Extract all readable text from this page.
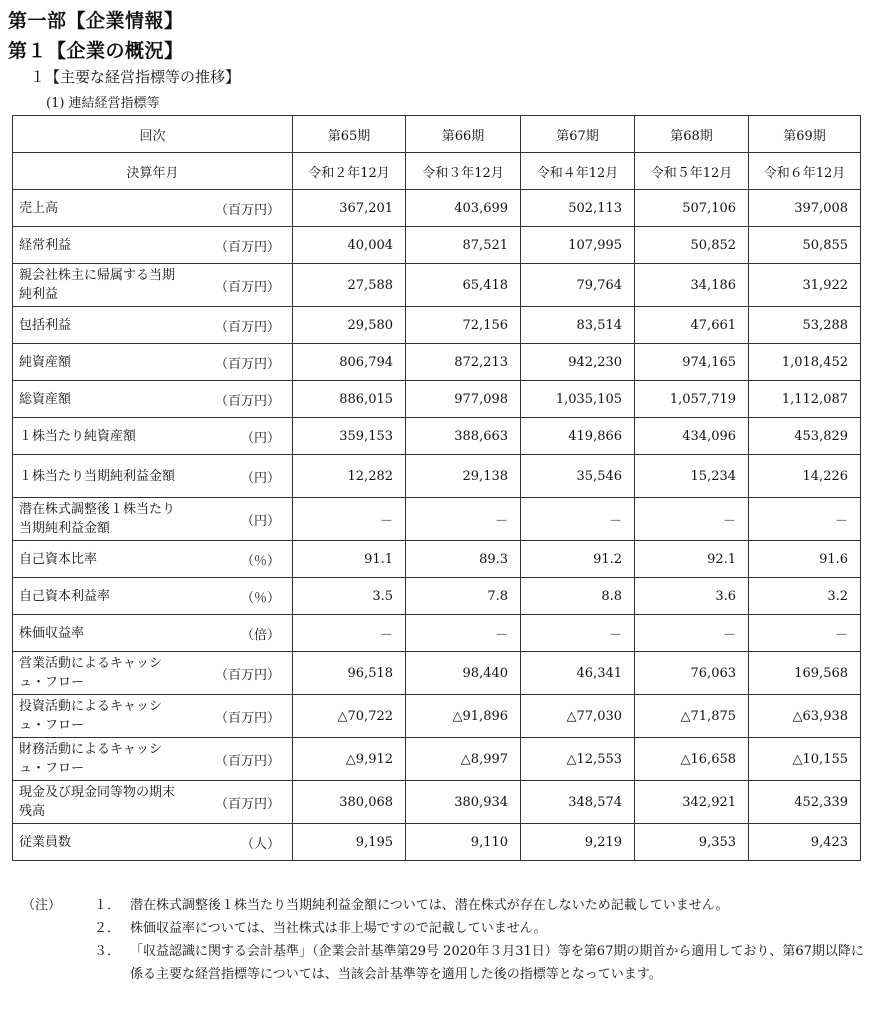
第一部【企業情報】
第１【企業の概況】
１【主要な経営指標等の推移】
(1) 連結経営指標等
回次		第65期	第66期	第67期	第68期	第69期
決算年月		令和２年12月	令和３年12月	令和４年12月	令和５年12月	令和６年12月
売上高	（百万円）	367,201	403,699	502,113	507,106	397,008
経常利益	（百万円）	40,004	87,521	107,995	50,852	50,855
親会社株主に帰属する当期純利益	（百万円）	27,588	65,418	79,764	34,186	31,922
包括利益	（百万円）	29,580	72,156	83,514	47,661	53,288
純資産額	（百万円）	806,794	872,213	942,230	974,165	1,018,452
総資産額	（百万円）	886,015	977,098	1,035,105	1,057,719	1,112,087
１株当たり純資産額	（円）	359,153	388,663	419,866	434,096	453,829
１株当たり当期純利益金額	（円）	12,282	29,138	35,546	15,234	14,226
潜在株式調整後１株当たり当期純利益金額	（円）	－	－	－	－	－
自己資本比率	（％）	91.1	89.3	91.2	92.1	91.6
自己資本利益率	（％）	3.5	7.8	8.8	3.6	3.2
株価収益率	（倍）	－	－	－	－	－
営業活動によるキャッシュ・フロー	（百万円）	96,518	98,440	46,341	76,063	169,568
投資活動によるキャッシュ・フロー	（百万円）	△70,722	△91,896	△77,030	△71,875	△63,938
財務活動によるキャッシュ・フロー	（百万円）	△9,912	△8,997	△12,553	△16,658	△10,155
現金及び現金同等物の期末残高	（百万円）	380,068	380,934	348,574	342,921	452,339
従業員数	（人）	9,195	9,110	9,219	9,353	9,423
（注）	１． 潜在株式調整後１株当たり当期純利益金額については、潜在株式が存在しないため記載していません。
２． 株価収益率については、当社株式は非上場ですので記載していません。
３． 「収益認識に関する会計基準」（企業会計基準第29号 2020年３月31日）等を第67期の期首から適用しており、第67期以降に係る主要な経営指標等については、当該会計基準等を適用した後の指標等となっています。
